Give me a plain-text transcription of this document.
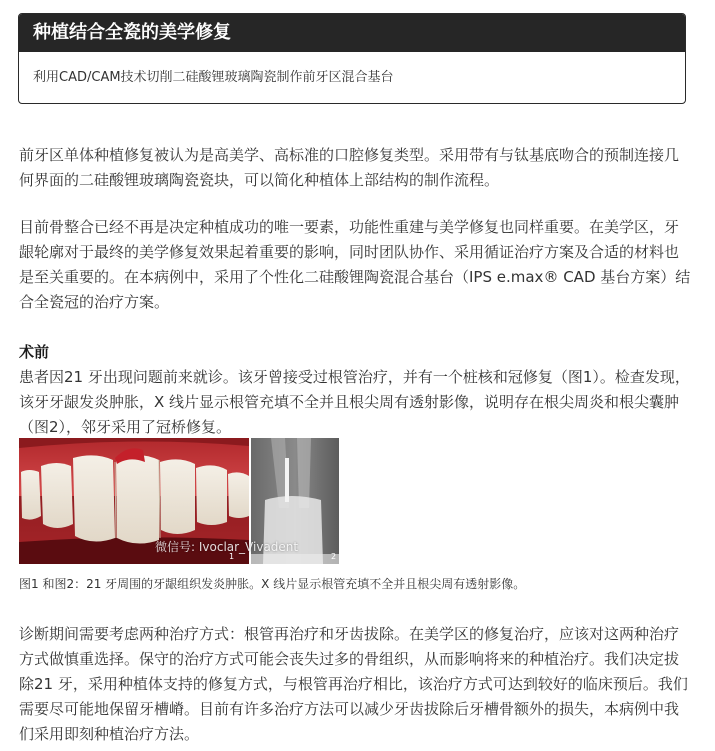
种植结合全瓷的美学修复
利用CAD/CAM技术切削二硅酸锂玻璃陶瓷制作前牙区混合基台

前牙区单体种植修复被认为是高美学、高标准的口腔修复类型。采用带有与钛基底吻合的预制连接几何界面的二硅酸锂玻璃陶瓷瓷块，可以简化种植体上部结构的制作流程。

目前骨整合已经不再是决定种植成功的唯一要素，功能性重建与美学修复也同样重要。在美学区，牙龈轮廓对于最终的美学修复效果起着重要的影响，同时团队协作、采用循证治疗方案及合适的材料也是至关重要的。在本病例中，采用了个性化二硅酸锂陶瓷混合基台（IPS e.max® CAD 基台方案）结合全瓷冠的治疗方案。

术前

患者因21 牙出现问题前来就诊。该牙曾接受过根管治疗，并有一个桩核和冠修复（图1）。检查发现，该牙牙龈发炎肿胀，X 线片显示根管充填不全并且根尖周有透射影像，说明存在根尖周炎和根尖囊肿（图2），邻牙采用了冠桥修复。

微信号: Ivoclar_Vivadent
1	2
图1 和图2：21 牙周围的牙龈组织发炎肿胀。X 线片显示根管充填不全并且根尖周有透射影像。

诊断期间需要考虑两种治疗方式：根管再治疗和牙齿拔除。在美学区的修复治疗，应该对这两种治疗方式做慎重选择。保守的治疗方式可能会丧失过多的骨组织，从而影响将来的种植治疗。我们决定拔除21 牙，采用种植体支持的修复方式，与根管再治疗相比，该治疗方式可达到较好的临床预后。我们需要尽可能地保留牙槽嵴。目前有许多治疗方法可以减少牙齿拔除后牙槽骨额外的损失，本病例中我们采用即刻种植治疗方法。
